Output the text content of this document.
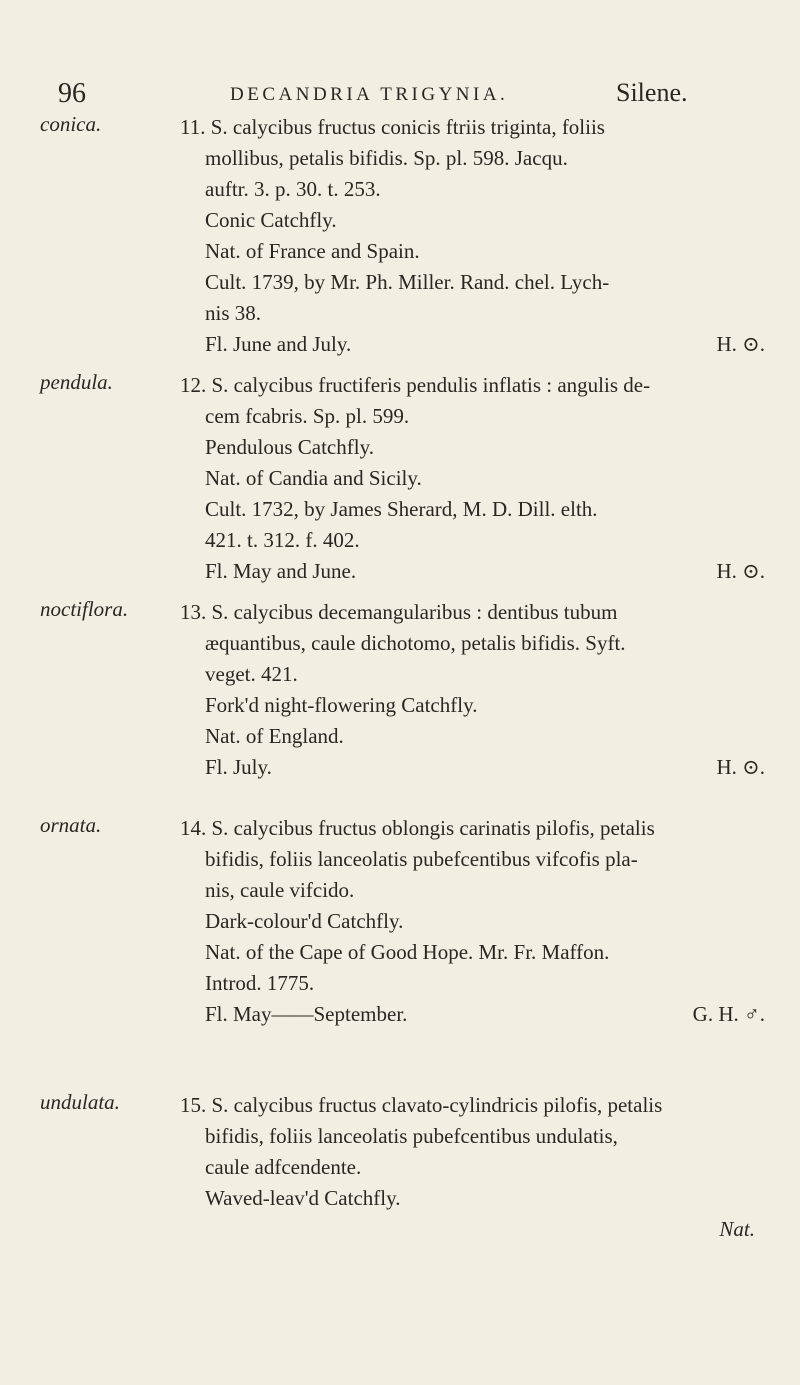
96	DECANDRIA TRIGYNIA.	Silene.
conica.	11. S. calycibus fructus conicis ftriis triginta, foliis
mollibus, petalis bifidis. Sp. pl. 598. Jacqu.
auftr. 3. p. 30. t. 253.
Conic Catchfly.
Nat. of France and Spain.
Cult. 1739, by Mr. Ph. Miller. Rand. chel. Lych-
nis 38.
Fl. June and July.	H. ⊙.
pendula.	12. S. calycibus fructiferis pendulis inflatis : angulis de-
cem fcabris. Sp. pl. 599.
Pendulous Catchfly.
Nat. of Candia and Sicily.
Cult. 1732, by James Sherard, M. D. Dill. elth.
421. t. 312. f. 402.
Fl. May and June.	H. ⊙.
noctiflora. 13. S. calycibus decemangularibus : dentibus tubum
æquantibus, caule dichotomo, petalis bifidis. Syft.
veget. 421.
Fork'd night-flowering Catchfly.
Nat. of England.
Fl. July.	H. ⊙.
ornata.	14. S. calycibus fructus oblongis carinatis pilofis, petalis
bifidis, foliis lanceolatis pubefcentibus vifcofis pla-
nis, caule vifcido.
Dark-colour'd Catchfly.
Nat. of the Cape of Good Hope. Mr. Fr. Maffon.
Introd. 1775.
Fl. May——September.	G. H. ♂.
undulata.	15. S. calycibus fructus clavato-cylindricis pilofis, petalis
bifidis, foliis lanceolatis pubefcentibus undulatis,
caule adfcendente.
Waved-leav'd Catchfly.
Nat.
